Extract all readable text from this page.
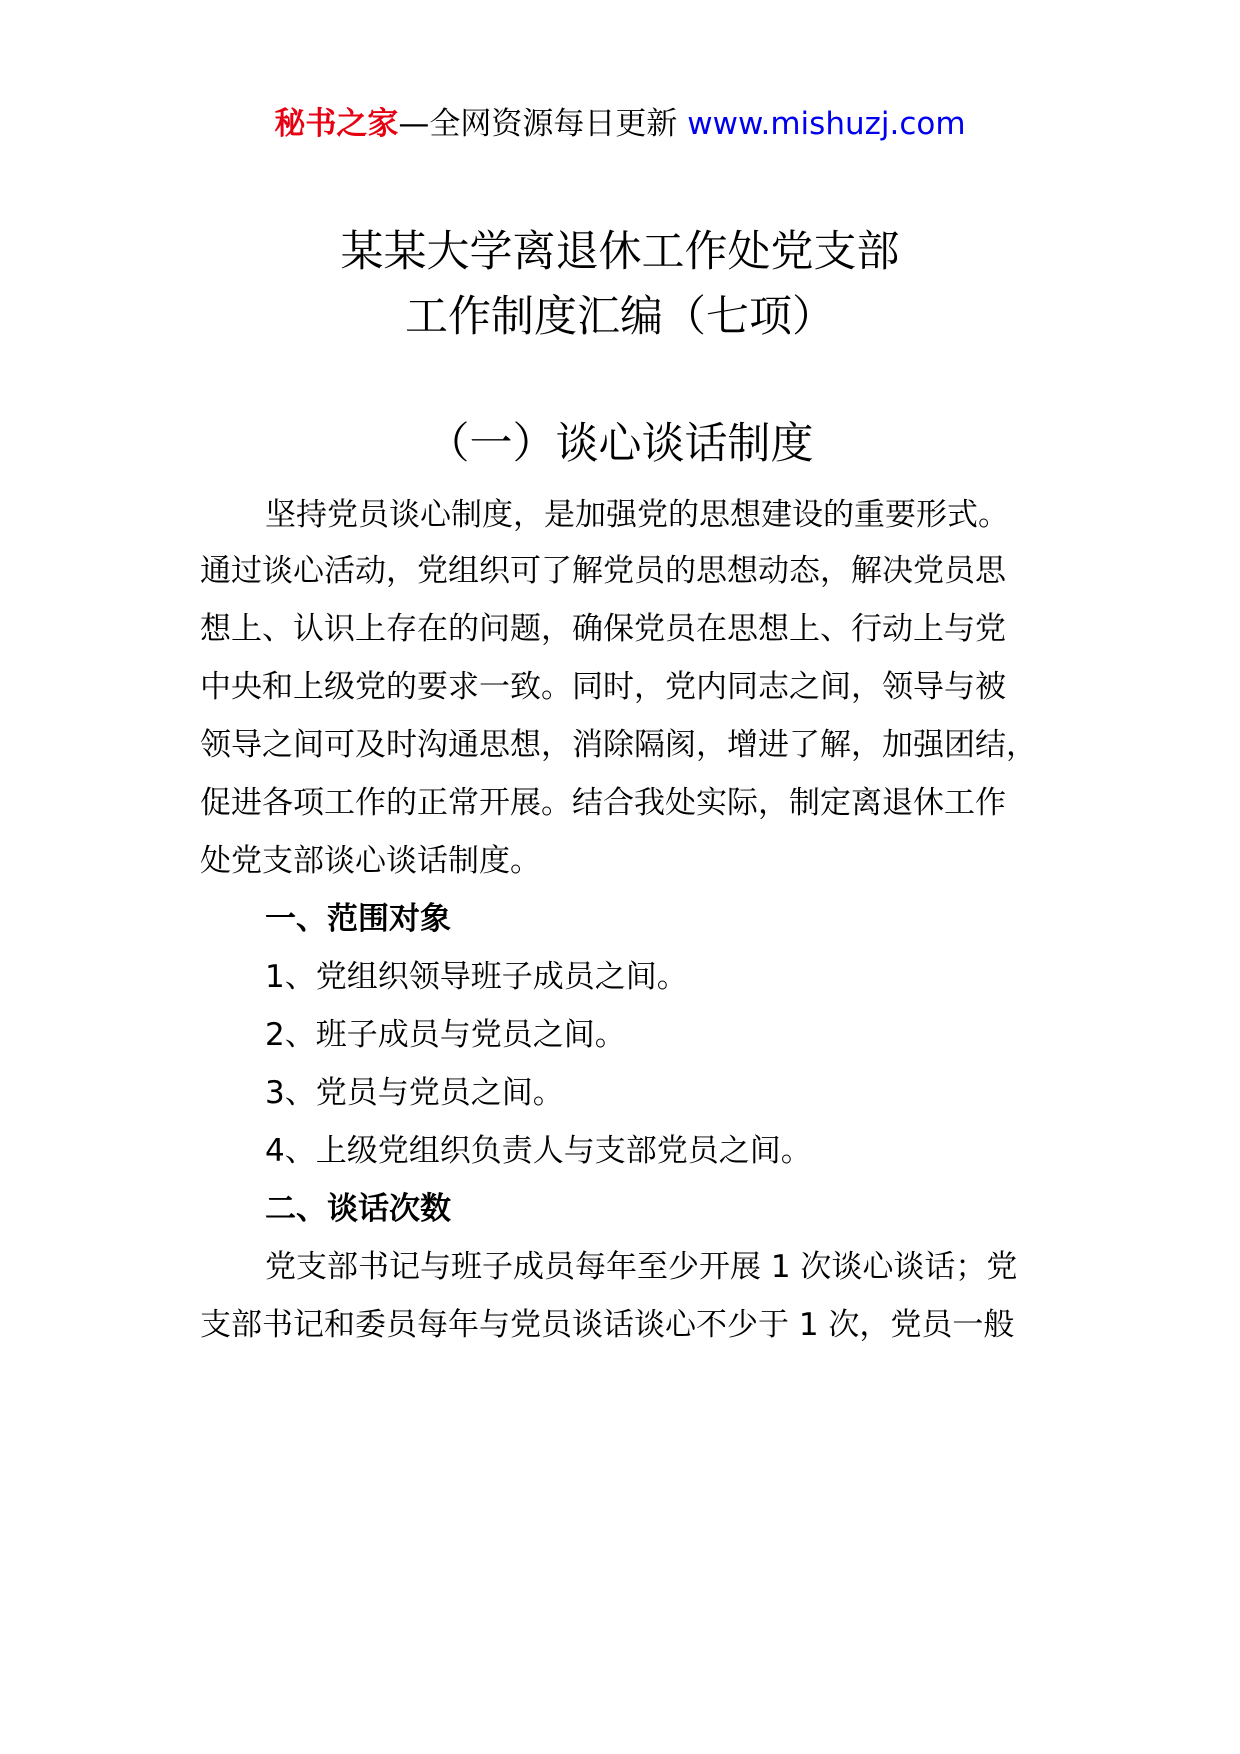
秘书之家—全网资源每日更新 www.mishuzj.com
某某大学离退休工作处党支部
工作制度汇编（七项）
（一）谈心谈话制度
坚持党员谈心制度，是加强党的思想建设的重要形式。
通过谈心活动，党组织可了解党员的思想动态，解决党员思
想上、认识上存在的问题，确保党员在思想上、行动上与党
中央和上级党的要求一致。同时，党内同志之间，领导与被
领导之间可及时沟通思想，消除隔阂，增进了解，加强团结，
促进各项工作的正常开展。结合我处实际，制定离退休工作
处党支部谈心谈话制度。
一、范围对象
1、党组织领导班子成员之间。
2、班子成员与党员之间。
3、党员与党员之间。
4、上级党组织负责人与支部党员之间。
二、谈话次数
党支部书记与班子成员每年至少开展 1 次谈心谈话；党
支部书记和委员每年与党员谈话谈心不少于 1 次，党员一般
